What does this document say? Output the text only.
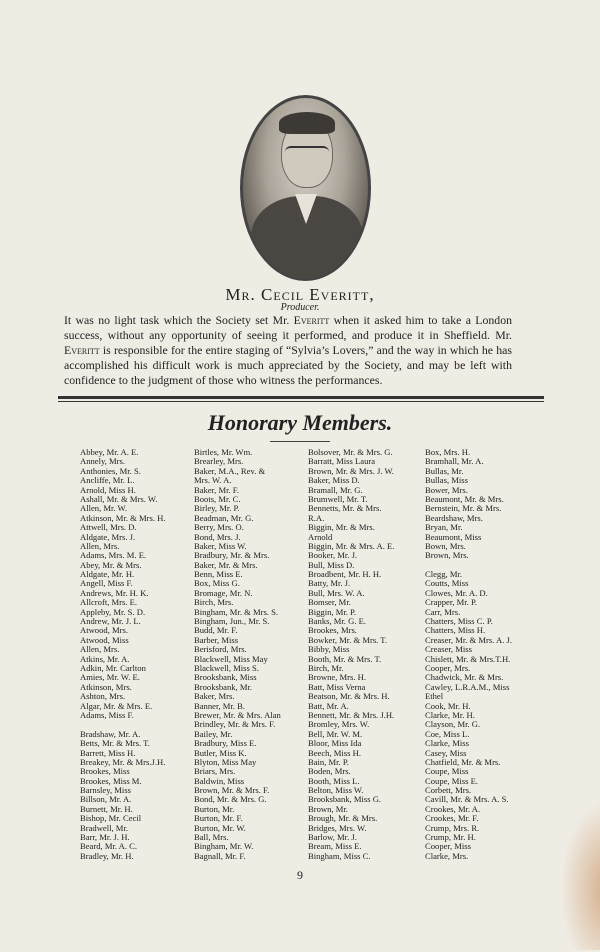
Mr. Cecil Everitt,
Producer.
It was no light task which the Society set Mr. Everitt when it asked him to take a London success, without any opportunity of seeing it performed, and produce it in Sheffield. Mr. Everitt is responsible for the entire staging of “Sylvia’s Lovers,” and the way in which he has accomplished his difficult work is much appreciated by the Society, and may be left with confidence to the judgment of those who witness the performances.
Honorary Members.
Abbey, Mr. A. E.
Annely, Mrs.
Anthonies, Mr. S.
Ancliffe, Mr. L.
Arnold, Miss H.
Ashall, Mr. & Mrs. W.
Allen, Mr. W.
Atkinson, Mr. & Mrs. H.
Attwell, Mrs. D.
Aldgate, Mrs. J.
Allen, Mrs.
Adams, Mrs. M. E.
Abey, Mr. & Mrs.
Aldgate, Mr. H.
Angell, Miss F.
Andrews, Mr. H. K.
Allcroft, Mrs. E.
Appleby, Mr. S. D.
Andrew, Mr. J. L.
Atwood, Mrs.
Atwood, Miss
Allen, Mrs.
Atkins, Mr. A.
Adkin, Mr. Carlton
Amies, Mr. W. E.
Atkinson, Mrs.
Ashton, Mrs.
Algar, Mr. & Mrs. E.
Adams, Miss F.
Bradshaw, Mr. A.
Betts, Mr. & Mrs. T.
Barrett, Miss H.
Breakey, Mr. & Mrs.J.H.
Brookes, Miss
Brookes, Miss M.
Barnsley, Miss
Billson, Mr. A.
Burnett, Mr. H.
Bishop, Mr. Cecil
Bradwell, Mr.
Barr, Mr. J. H.
Beard, Mr. A. C.
Bradley, Mr. H.
Birtles, Mr. Wm.
Brearley, Mrs.
Baker, M.A., Rev. &
Mrs. W. A.
Baker, Mr. F.
Boots, Mr. C.
Birley, Mr. P.
Beadman, Mr. G.
Berry, Mrs. O.
Bond, Mrs. J.
Baker, Miss W.
Bradbury, Mr. & Mrs.
Baker, Mr. & Mrs.
Benn, Miss E.
Box, Miss G.
Bromage, Mr. N.
Birch, Mrs.
Bingham, Mr. & Mrs. S.
Bingham, Jun., Mr. S.
Budd, Mr. F.
Barber, Miss
Berisford, Mrs.
Blackwell, Miss May
Blackwell, Miss S.
Brooksbank, Miss
Brooksbank, Mr.
Baker, Mrs.
Banner, Mr. B.
Brewer, Mr. & Mrs. Alan
Brindley, Mr. & Mrs. F.
Bailey, Mr.
Bradbury, Miss E.
Butler, Miss K.
Blyton, Miss May
Briars, Mrs.
Baldwin, Miss
Brown, Mr. & Mrs. F.
Bond, Mr. & Mrs. G.
Burton, Mr.
Burton, Mr. F.
Burton, Mr. W.
Ball, Mrs.
Bingham, Mr. W.
Bagnall, Mr. F.
Bolsover, Mr. & Mrs. G.
Barratt, Miss Laura
Brown, Mr. & Mrs. J. W.
Baker, Miss D.
Bramall, Mr. G.
Brumwell, Mr. T.
Bennetts, Mr. & Mrs.
R.A.
Biggin, Mr. & Mrs.
Arnold
Biggin, Mr. & Mrs. A. E.
Booker, Mr. J.
Bull, Miss D.
Broadbent, Mr. H. H.
Batty, Mr. J.
Bull, Mrs. W. A.
Bomser, Mr.
Biggin, Mr. P.
Banks, Mr. G. E.
Brookes, Mrs.
Bowker, Mr. & Mrs. T.
Bibby, Miss
Booth, Mr. & Mrs. T.
Birch, Mr.
Browne, Mrs. H.
Batt, Miss Verna
Beatson, Mr. & Mrs. H.
Batt, Mr. A.
Bennett, Mr. & Mrs. J.H.
Bromley, Mrs. W.
Bell, Mr. W. M.
Bloor, Miss Ida
Beech, Miss H.
Bain, Mr. P.
Boden, Mrs.
Booth, Miss L.
Belton, Miss W.
Brooksbank, Miss G.
Brown, Mr.
Brough, Mr. & Mrs.
Bridges, Mrs. W.
Barlow, Mr. J.
Bream, Miss E.
Bingham, Miss C.
Box, Mrs. H.
Bramhall, Mr. A.
Bullas, Mr.
Bullas, Miss
Bower, Mrs.
Beaumont, Mr. & Mrs.
Bernstein, Mr. & Mrs.
Beardshaw, Mrs.
Bryan, Mr.
Beaumont, Miss
Bown, Mrs.
Brown, Mrs.
Clegg, Mr.
Coutts, Miss
Clowes, Mr. A. D.
Crapper, Mr. P.
Carr, Mrs.
Chatters, Miss C. P.
Chatters, Miss H.
Creaser, Mr. & Mrs. A. J.
Creaser, Miss
Chislett, Mr. & Mrs.T.H.
Cooper, Mrs.
Chadwick, Mr. & Mrs.
Cawley, L.R.A.M., Miss
Ethel
Cook, Mr. H.
Clarke, Mr. H.
Clayson, Mr. G.
Coe, Miss L.
Clarke, Miss
Casey, Miss
Chatfield, Mr. & Mrs.
Coupe, Miss
Coupe, Miss E.
Corbett, Mrs.
Cavill, Mr. & Mrs. A. S.
Crookes, Mr. A.
Crookes, Mr. F.
Crump, Mrs. R.
Crump, Mr. H.
Cooper, Miss
Clarke, Mrs.
9
